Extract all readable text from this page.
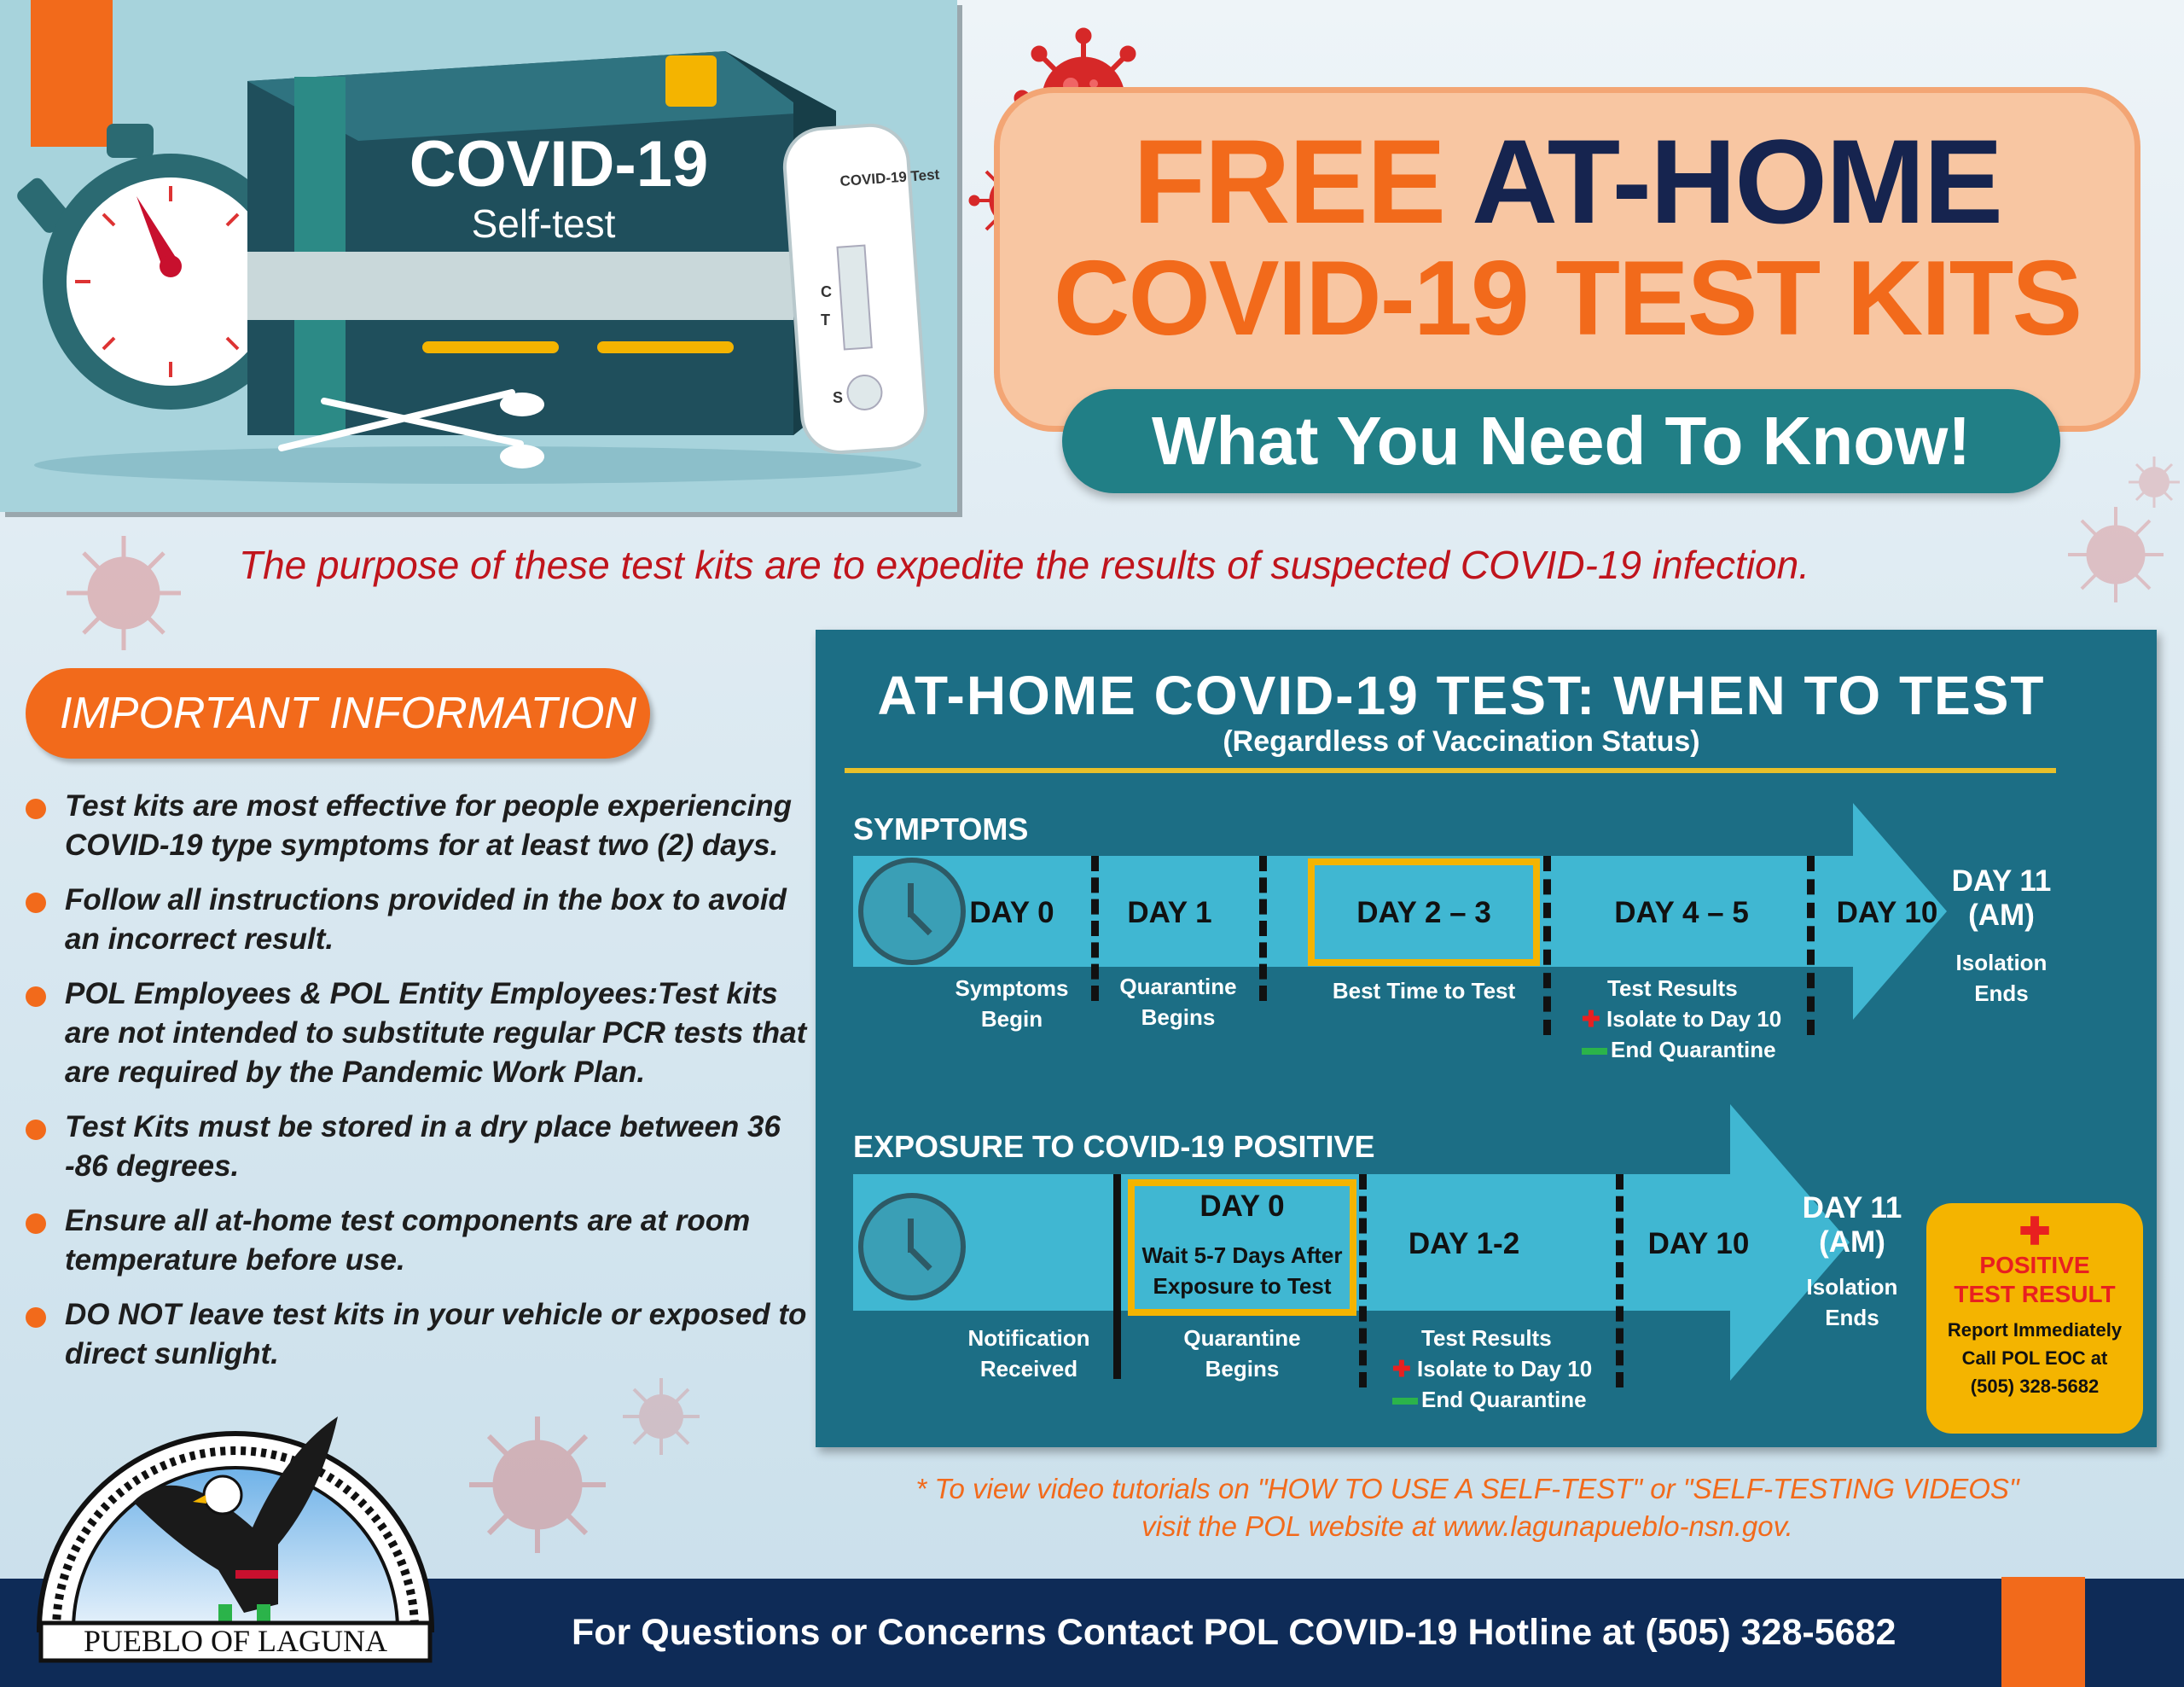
COVID-19
Self-test
COVID-19 Test
C
T
S
FREE AT-HOME
COVID-19 TEST KITS
What You Need To Know!
The purpose of these test kits are to expedite the results of suspected COVID-19 infection.
IMPORTANT INFORMATION
Test kits are most effective for people experiencing COVID-19 type symptoms for at least two (2) days.
Follow all instructions provided in the box to avoid an incorrect result.
POL Employees & POL Entity Employees:Test kits are not intended to substitute regular PCR tests that are required by the Pandemic Work Plan.
Test Kits must be stored in a dry place between 36 -86 degrees.
Ensure all at-home test components are at room temperature before use.
DO NOT leave test kits in your vehicle or exposed to direct sunlight.
AT-HOME COVID-19 TEST: WHEN TO TEST
(Regardless of Vaccination Status)
SYMPTOMS
DAY 0	DAY 1	DAY 2 – 3	DAY 4 – 5	DAY 10
DAY 11
(AM)
Isolation
Ends
Symptoms
Begin
Quarantine
Begins
Best Time to Test	Test Results
✚ Isolate to Day 10
End Quarantine
EXPOSURE TO COVID-19 POSITIVE
DAY 0
Wait 5-7 Days After
Exposure to Test
DAY 1-2	DAY 10
DAY 11
(AM)
Isolation
Ends
Notification
Received
Quarantine
Begins
Test Results
✚ Isolate to Day 10
End Quarantine
✚
POSITIVE
TEST RESULT
Report Immediately
Call POL EOC at
(505) 328-5682
* To view video tutorials on "HOW TO USE A SELF-TEST" or "SELF-TESTING VIDEOS"
visit the POL website at www.lagunapueblo-nsn.gov.
For Questions or Concerns Contact POL COVID-19 Hotline at (505) 328-5682
PUEBLO OF LAGUNA
